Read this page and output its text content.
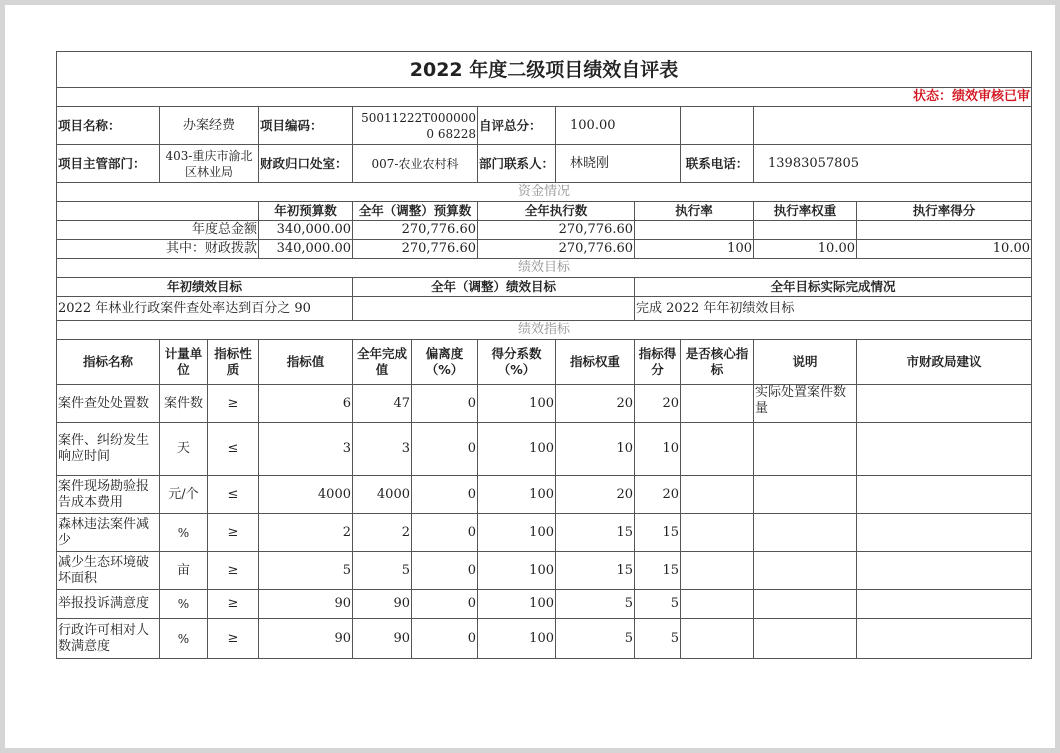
2022 年度二级项目绩效自评表											
状态：绩效审核已审											
项目名称：	办案经费		项目编码：	50011222T0000000 68228		自评总分：	100.00				
项目主管部门：	403-重庆市渝北区林业局		财政归口处室：	007-农业农村科		部门联系人：	林晓刚		联系电话：	13983057805	
资金情况											
			年初预算数	全年（调整）预算数		全年执行数		执行率		执行率权重	执行率得分
年度总金额			340,000.00	270,776.60		270,776.60					
其中：财政拨款			340,000.00	270,776.60		270,776.60		100		10.00	10.00
绩效目标											
年初绩效目标				全年（调整）绩效目标				全年目标实际完成情况			
2022 年林业行政案件查处率达到百分之 90								完成 2022 年年初绩效目标			
绩效指标											
指标名称	计量单位	指标性质	指标值	全年完成值	偏离度（%）	得分系数（%）	指标权重	指标得分	是否核心指标	说明	市财政局建议
案件查处处置数	案件数	≥	6	47	0	100	20	20		实际处置案件数量	
案件、纠纷发生响应时间	天	≤	3	3	0	100	10	10			
案件现场勘验报告成本费用	元/个	≤	4000	4000	0	100	20	20			
森林违法案件减少	%	≥	2	2	0	100	15	15			
减少生态环境破坏面积	亩	≥	5	5	0	100	15	15			
举报投诉满意度	%	≥	90	90	0	100	5	5			
行政许可相对人数满意度	%	≥	90	90	0	100	5	5			
